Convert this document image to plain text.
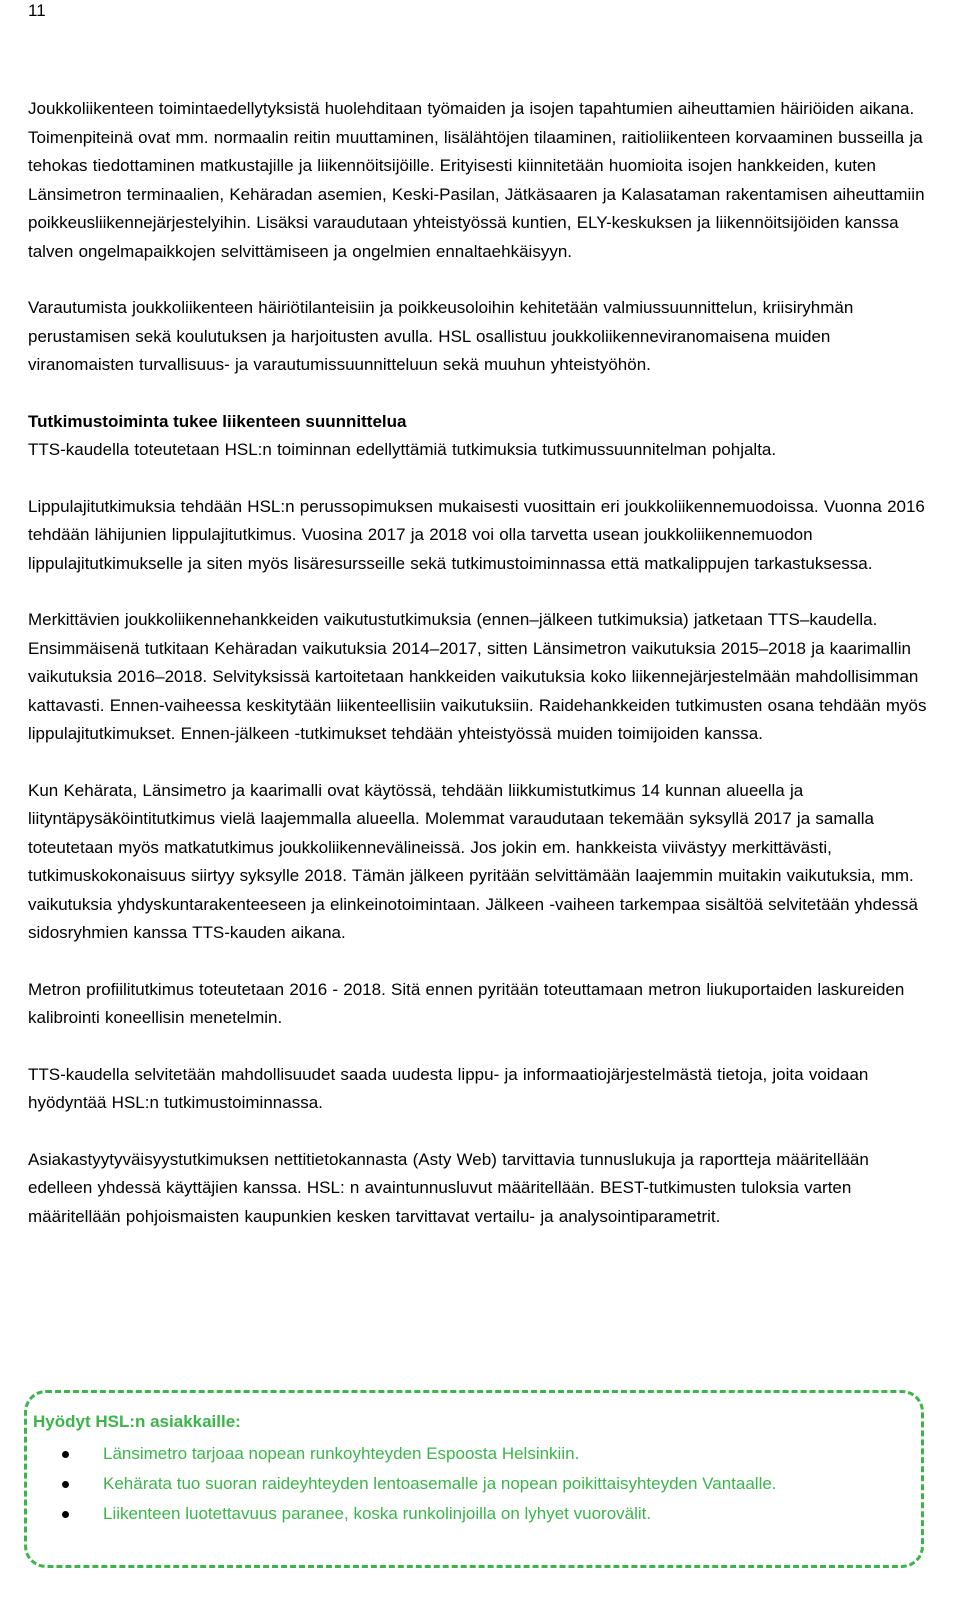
11

Joukkoliikenteen toimintaedellytyksistä huolehditaan työmaiden ja isojen tapahtumien aiheuttamien häiriöiden aikana. Toimenpiteinä ovat mm. normaalin reitin muuttaminen, lisälähtöjen tilaaminen, raitioliikenteen korvaaminen busseilla ja tehokas tiedottaminen matkustajille ja liikennöitsijöille. Erityisesti kiinnitetään huomioita isojen hankkeiden, kuten Länsimetron terminaalien, Kehäradan asemien, Keski-Pasilan, Jätkäsaaren ja Kalasataman rakentamisen aiheuttamiin poikkeusliikennejärjestelyihin. Lisäksi varaudutaan yhteistyössä kuntien, ELY-keskuksen ja liikennöitsijöiden kanssa talven ongelmapaikkojen selvittämiseen ja ongelmien ennaltaehkäisyyn.

Varautumista joukkoliikenteen häiriötilanteisiin ja poikkeusoloihin kehitetään valmiussuunnittelun, kriisiryhmän perustamisen sekä koulutuksen ja harjoitusten avulla. HSL osallistuu joukkoliikenneviranomaisena muiden viranomaisten turvallisuus- ja varautumissuunnitteluun sekä muuhun yhteistyöhön.

Tutkimustoiminta tukee liikenteen suunnittelua

TTS-kaudella toteutetaan HSL:n toiminnan edellyttämiä tutkimuksia tutkimussuunnitelman pohjalta.

Lippulajitutkimuksia tehdään HSL:n perussopimuksen mukaisesti vuosittain eri joukkoliikennemuodoissa. Vuonna 2016 tehdään lähijunien lippulajitutkimus. Vuosina 2017 ja 2018 voi olla tarvetta usean joukkoliikennemuodon lippulajitutkimukselle ja siten myös lisäresursseille sekä tutkimustoiminnassa että matkalippujen tarkastuksessa.

Merkittävien joukkoliikennehankkeiden vaikutustutkimuksia (ennen–jälkeen tutkimuksia) jatketaan TTS–kaudella. Ensimmäisenä tutkitaan Kehäradan vaikutuksia 2014–2017, sitten Länsimetron vaikutuksia 2015–2018 ja kaarimallin vaikutuksia 2016–2018. Selvityksissä kartoitetaan hankkeiden vaikutuksia koko liikennejärjestelmään mahdollisimman kattavasti. Ennen-vaiheessa keskitytään liikenteellisiin vaikutuksiin. Raidehankkeiden tutkimusten osana tehdään myös lippulajitutkimukset. Ennen-jälkeen -tutkimukset tehdään yhteistyössä muiden toimijoiden kanssa.

Kun Kehärata, Länsimetro ja kaarimalli ovat käytössä, tehdään liikkumistutkimus 14 kunnan alueella ja liityntäpysäköintitutkimus vielä laajemmalla alueella. Molemmat varaudutaan tekemään syksyllä 2017 ja samalla toteutetaan myös matkatutkimus joukkoliikennevälineissä. Jos jokin em. hankkeista viivästyy merkittävästi, tutkimuskokonaisuus siirtyy syksylle 2018. Tämän jälkeen pyritään selvittämään laajemmin muitakin vaikutuksia, mm. vaikutuksia yhdyskuntarakenteeseen ja elinkeinotoimintaan. Jälkeen -vaiheen tarkempaa sisältöä selvitetään yhdessä sidosryhmien kanssa TTS-kauden aikana.

Metron profiilitutkimus toteutetaan 2016 - 2018. Sitä ennen pyritään toteuttamaan metron liukuportaiden laskureiden kalibrointi koneellisin menetelmin.

TTS-kaudella selvitetään mahdollisuudet saada uudesta lippu- ja informaatiojärjestelmästä tietoja, joita voidaan hyödyntää HSL:n tutkimustoiminnassa.

Asiakastyytyväisyystutkimuksen nettitietokannasta (Asty Web) tarvittavia tunnuslukuja ja raportteja määritellään edelleen yhdessä käyttäjien kanssa. HSL: n avaintunnusluvut määritellään. BEST-tutkimusten tuloksia varten määritellään pohjoismaisten kaupunkien kesken tarvittavat vertailu- ja analysointiparametrit.

Hyödyt HSL:n asiakkaille:
Länsimetro tarjoaa nopean runkoyhteyden Espoosta Helsinkiin.
Kehärata tuo suoran raideyhteyden lentoasemalle ja nopean poikittaisyhteyden Vantaalle.
Liikenteen luotettavuus paranee, koska runkolinjoilla on lyhyet vuorovälit.
